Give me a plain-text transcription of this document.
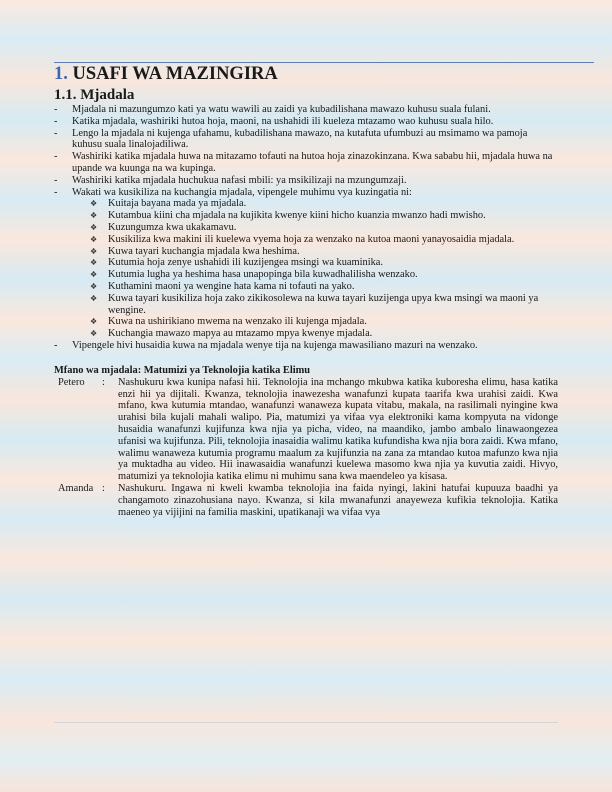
1. USAFI WA MAZINGIRA
1.1. Mjadala
- Mjadala ni mazungumzo kati ya watu wawili au zaidi ya kubadilishana mawazo kuhusu suala fulani.
- Katika mjadala, washiriki hutoa hoja, maoni, na ushahidi ili kueleza mtazamo wao kuhusu suala hilo.
- Lengo la mjadala ni kujenga ufahamu, kubadilishana mawazo, na kutafuta ufumbuzi au msimamo wa pamoja kuhusu suala linalojadiliwa.
- Washiriki katika mjadala huwa na mitazamo tofauti na hutoa hoja zinazokinzana. Kwa sababu hii, mjadala huwa na upande wa kuunga na wa kupinga.
- Washiriki katika mjadala huchukua nafasi mbili: ya msikilizaji na mzungumzaji.
- Wakati wa kusikiliza na kuchangia mjadala, vipengele muhimu vya kuzingatia ni:
❖ Kuitaja bayana mada ya mjadala.
❖ Kutambua kiini cha mjadala na kujikita kwenye kiini hicho kuanzia mwanzo hadi mwisho.
❖ Kuzungumza kwa ukakamavu.
❖ Kusikiliza kwa makini ili kuelewa vyema hoja za wenzako na kutoa maoni yanayosaidia mjadala.
❖ Kuwa tayari kuchangia mjadala kwa heshima.
❖ Kutumia hoja zenye ushahidi ili kuzijengea msingi wa kuaminika.
❖ Kutumia lugha ya heshima hasa unapopinga bila kuwadhalilisha wenzako.
❖ Kuthamini maoni ya wengine hata kama ni tofauti na yako.
❖ Kuwa tayari kusikiliza hoja zako zikikosolewa na kuwa tayari kuzijenga upya kwa msingi wa maoni ya wengine.
❖ Kuwa na ushirikiano mwema na wenzako ili kujenga mjadala.
❖ Kuchangia mawazo mapya au mtazamo mpya kwenye mjadala.
- Vipengele hivi husaidia kuwa na mjadala wenye tija na kujenga mawasiliano mazuri na wenzako.
Mfano wa mjadala: Matumizi ya Teknolojia katika Elimu
Petero	:	Nashukuru kwa kunipa nafasi hii. Teknolojia ina mchango mkubwa katika kuboresha elimu, hasa katika enzi hii ya dijitali. Kwanza, teknolojia inawezesha wanafunzi kupata taarifa kwa urahisi zaidi. Kwa mfano, kwa kutumia mtandao, wanafunzi wanaweza kupata vitabu, makala, na rasilimali nyingine kwa urahisi bila kujali mahali walipo. Pia, matumizi ya vifaa vya elektroniki kama kompyuta na vidonge husaidia wanafunzi kujifunza kwa njia ya picha, video, na maandiko, jambo ambalo linawaongezea ufanisi wa kujifunza. Pili, teknolojia inasaidia walimu katika kufundisha kwa njia bora zaidi. Kwa mfano, walimu wanaweza kutumia programu maalum za kujifunzia na zana za mtandao kutoa mafunzo kwa njia ya muktadha au video. Hii inawasaidia wanafunzi kuelewa masomo kwa njia ya kuvutia zaidi. Hivyo, matumizi ya teknolojia katika elimu ni muhimu sana kwa maendeleo ya kisasa.
Amanda :	Nashukuru. Ingawa ni kweli kwamba teknolojia ina faida nyingi, lakini hatufai kupuuza baadhi ya changamoto zinazohusiana nayo. Kwanza, si kila mwanafunzi anayeweza kufikia teknolojia. Katika maeneo ya vijijini na familia maskini, upatikanaji wa vifaa vya
